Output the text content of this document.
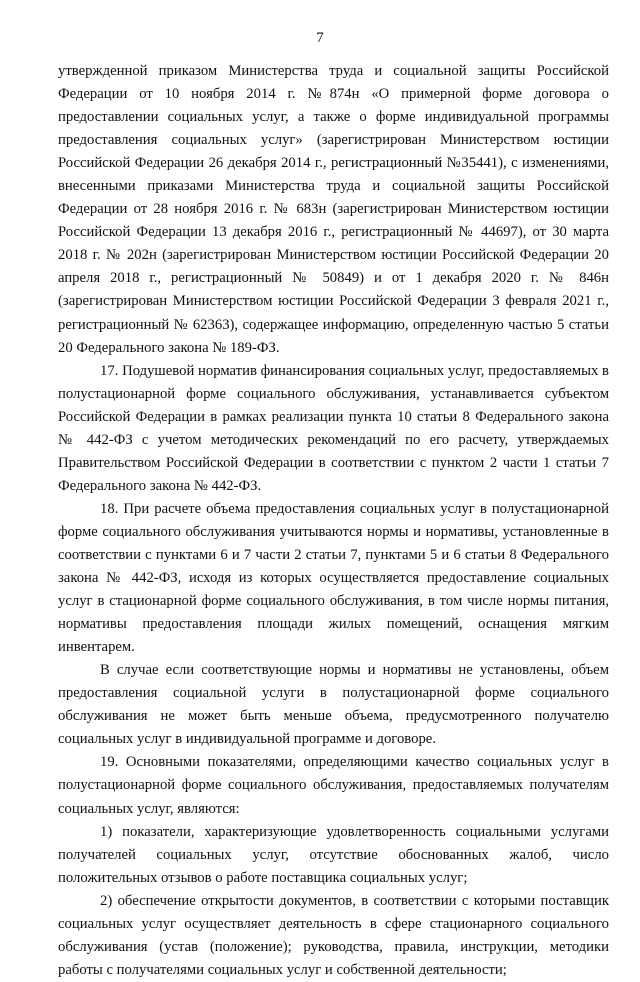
7

утвержденной приказом Министерства труда и социальной защиты Российской Федерации от 10 ноября 2014 г. №874н «О примерной форме договора о предоставлении социальных услуг, а также о форме индивидуальной программы предоставления социальных услуг» (зарегистрирован Министерством юстиции Российской Федерации 26 декабря 2014 г., регистрационный №35441), с изменениями, внесенными приказами Министерства труда и социальной защиты Российской Федерации от 28 ноября 2016 г. № 683н (зарегистрирован Министерством юстиции Российской Федерации 13 декабря 2016 г., регистрационный № 44697), от 30 марта 2018 г. № 202н (зарегистрирован Министерством юстиции Российской Федерации 20 апреля 2018 г., регистрационный № 50849) и от 1 декабря 2020 г. № 846н (зарегистрирован Министерством юстиции Российской Федерации 3 февраля 2021 г., регистрационный № 62363), содержащее информацию, определенную частью 5 статьи 20 Федерального закона № 189-ФЗ.

17. Подушевой норматив финансирования социальных услуг, предоставляемых в полустационарной форме социального обслуживания, устанавливается субъектом Российской Федерации в рамках реализации пункта 10 статьи 8 Федерального закона № 442-ФЗ с учетом методических рекомендаций по его расчету, утверждаемых Правительством Российской Федерации в соответствии с пунктом 2 части 1 статьи 7 Федерального закона № 442-ФЗ.

18. При расчете объема предоставления социальных услуг в полустационарной форме социального обслуживания учитываются нормы и нормативы, установленные в соответствии с пунктами 6 и 7 части 2 статьи 7, пунктами 5 и 6 статьи 8 Федерального закона № 442-ФЗ, исходя из которых осуществляется предоставление социальных услуг в стационарной форме социального обслуживания, в том числе нормы питания, нормативы предоставления площади жилых помещений, оснащения мягким инвентарем.

В случае если соответствующие нормы и нормативы не установлены, объем предоставления социальной услуги в полустационарной форме социального обслуживания не может быть меньше объема, предусмотренного получателю социальных услуг в индивидуальной программе и договоре.

19. Основными показателями, определяющими качество социальных услуг в полустационарной форме социального обслуживания, предоставляемых получателям социальных услуг, являются:

1) показатели, характеризующие удовлетворенность социальными услугами получателей социальных услуг, отсутствие обоснованных жалоб, число положительных отзывов о работе поставщика социальных услуг;

2) обеспечение открытости документов, в соответствии с которыми поставщик социальных услуг осуществляет деятельность в сфере стационарного социального обслуживания (устав (положение); руководства, правила, инструкции, методики работы с получателями социальных услуг и собственной деятельности;
